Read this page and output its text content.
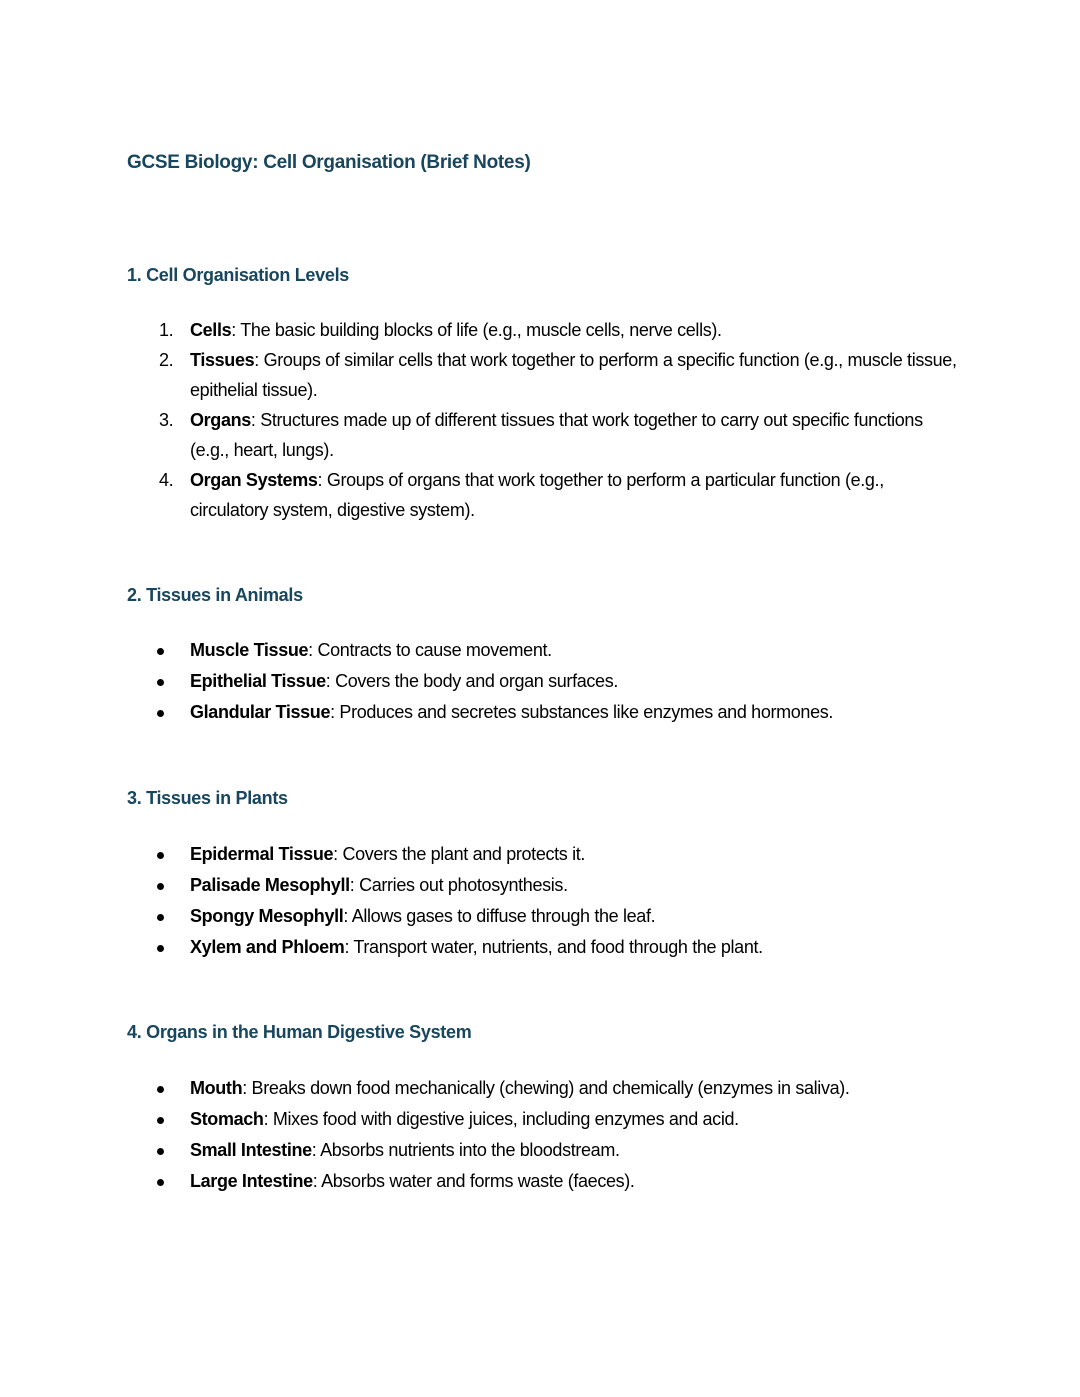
GCSE Biology: Cell Organisation (Brief Notes)
1. Cell Organisation Levels
1. Cells: The basic building blocks of life (e.g., muscle cells, nerve cells).
2. Tissues: Groups of similar cells that work together to perform a specific function (e.g., muscle tissue, epithelial tissue).
3. Organs: Structures made up of different tissues that work together to carry out specific functions (e.g., heart, lungs).
4. Organ Systems: Groups of organs that work together to perform a particular function (e.g., circulatory system, digestive system).
2. Tissues in Animals
Muscle Tissue: Contracts to cause movement.
Epithelial Tissue: Covers the body and organ surfaces.
Glandular Tissue: Produces and secretes substances like enzymes and hormones.
3. Tissues in Plants
Epidermal Tissue: Covers the plant and protects it.
Palisade Mesophyll: Carries out photosynthesis.
Spongy Mesophyll: Allows gases to diffuse through the leaf.
Xylem and Phloem: Transport water, nutrients, and food through the plant.
4. Organs in the Human Digestive System
Mouth: Breaks down food mechanically (chewing) and chemically (enzymes in saliva).
Stomach: Mixes food with digestive juices, including enzymes and acid.
Small Intestine: Absorbs nutrients into the bloodstream.
Large Intestine: Absorbs water and forms waste (faeces).
